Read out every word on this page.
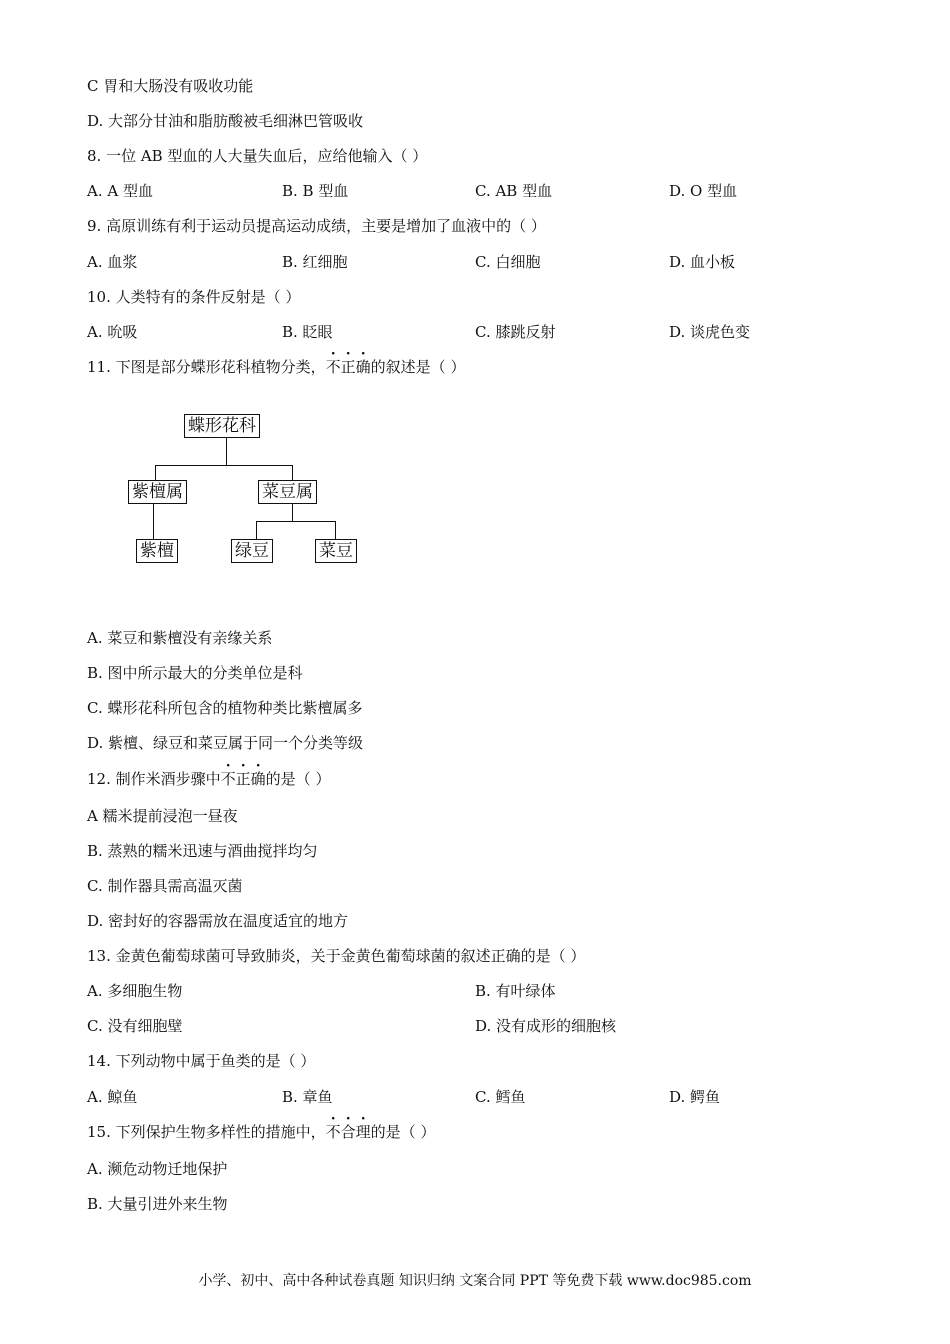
C 胃和大肠没有吸收功能
D. 大部分甘油和脂肪酸被毛细淋巴管吸收
8. 一位 AB 型血的人大量失血后，应给他输入（ ）
A. A 型血	B. B 型血	C. AB 型血	D. O 型血
9. 高原训练有利于运动员提高运动成绩，主要是增加了血液中的（ ）
A. 血浆	B. 红细胞	C. 白细胞	D. 血小板
10. 人类特有的条件反射是（ ）
A. 吮吸	B. 眨眼	C. 膝跳反射	D. 谈虎色变
11. 下图是部分蝶形花科植物分类，不正确的叙述是（ ）
蝶形花科
紫檀属	菜豆属
紫檀	绿豆	菜豆
A. 菜豆和紫檀没有亲缘关系
B. 图中所示最大的分类单位是科
C. 蝶形花科所包含的植物种类比紫檀属多
D. 紫檀、绿豆和菜豆属于同一个分类等级
12. 制作米酒步骤中不正确的是（ ）
A 糯米提前浸泡一昼夜
B. 蒸熟的糯米迅速与酒曲搅拌均匀
C. 制作器具需高温灭菌
D. 密封好的容器需放在温度适宜的地方
13. 金黄色葡萄球菌可导致肺炎，关于金黄色葡萄球菌的叙述正确的是（ ）
A. 多细胞生物	B. 有叶绿体
C. 没有细胞壁	D. 没有成形的细胞核
14. 下列动物中属于鱼类的是（ ）
A. 鲸鱼	B. 章鱼	C. 鳕鱼	D. 鳄鱼
15. 下列保护生物多样性的措施中，不合理的是（ ）
A. 濒危动物迁地保护
B. 大量引进外来生物
小学、初中、高中各种试卷真题 知识归纳 文案合同 PPT 等免费下载 www.doc985.com
